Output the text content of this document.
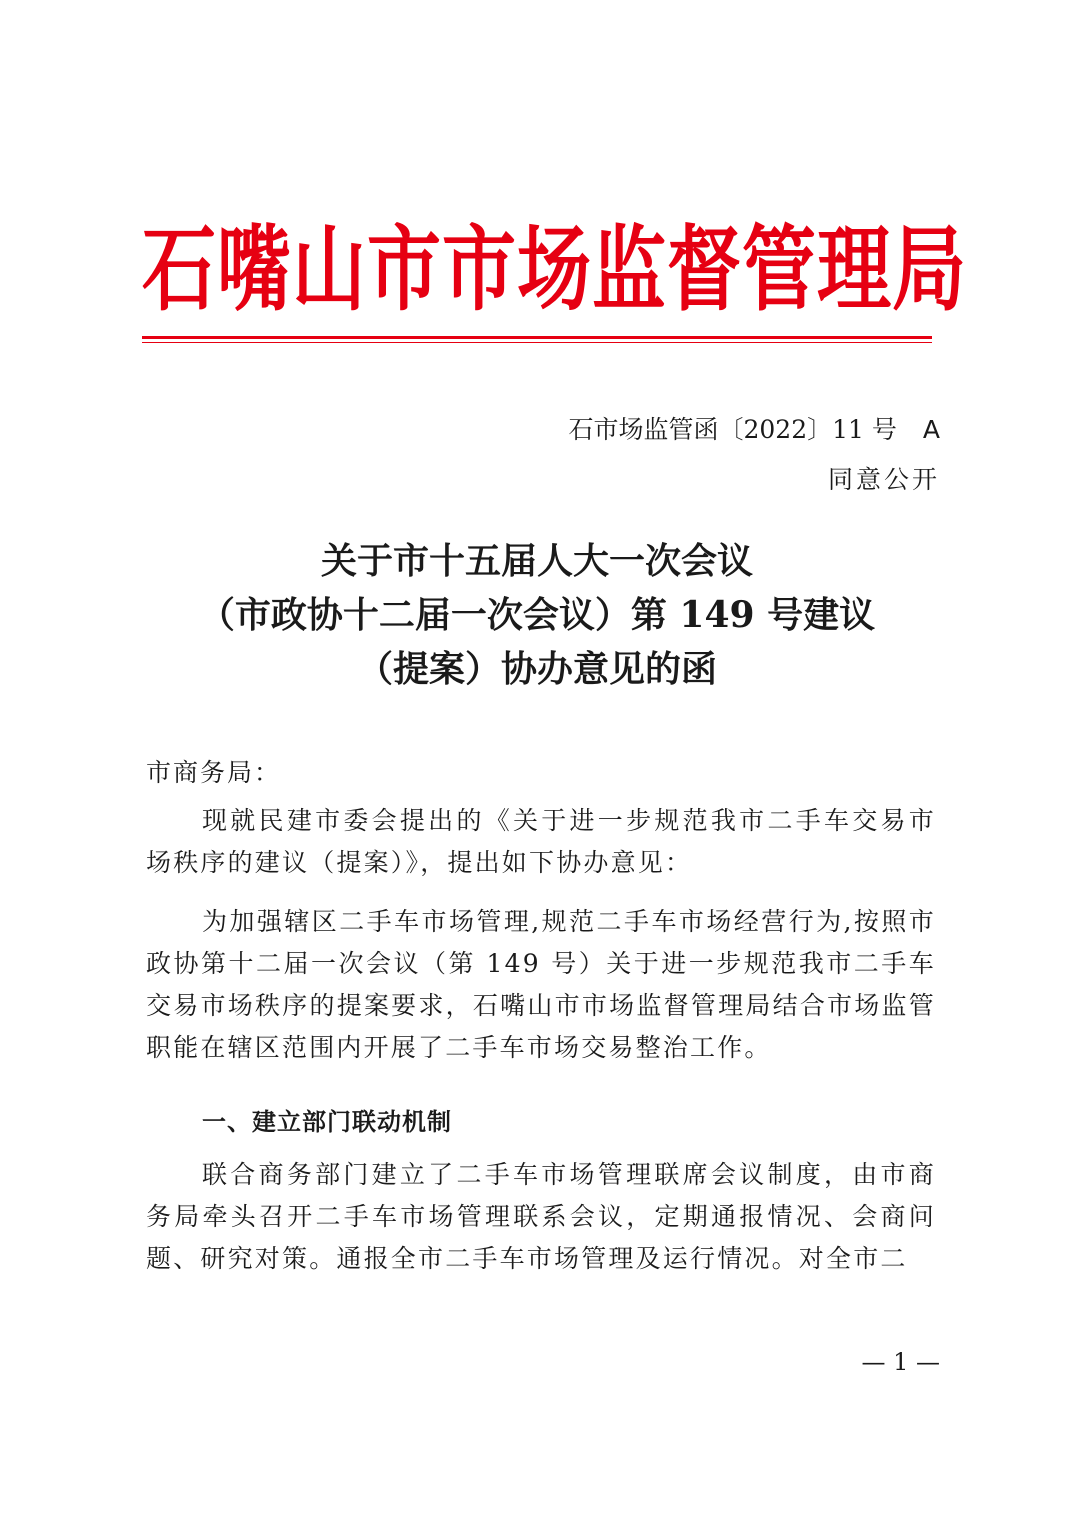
石嘴山市市场监督管理局
石市场监管函〔2022〕11 号 A
同意公开
关于市十五届人大一次会议
（市政协十二届一次会议）第 149 号建议
（提案）协办意见的函
市商务局：
现就民建市委会提出的《关于进一步规范我市二手车交易市场秩序的建议（提案）》，提出如下协办意见：
为加强辖区二手车市场管理,规范二手车市场经营行为,按照市政协第十二届一次会议（第 149 号）关于进一步规范我市二手车交易市场秩序的提案要求，石嘴山市市场监督管理局结合市场监管职能在辖区范围内开展了二手车市场交易整治工作。
一、建立部门联动机制
联合商务部门建立了二手车市场管理联席会议制度，由市商务局牵头召开二手车市场管理联系会议，定期通报情况、会商问题、研究对策。通报全市二手车市场管理及运行情况。对全市二
— 1 —
